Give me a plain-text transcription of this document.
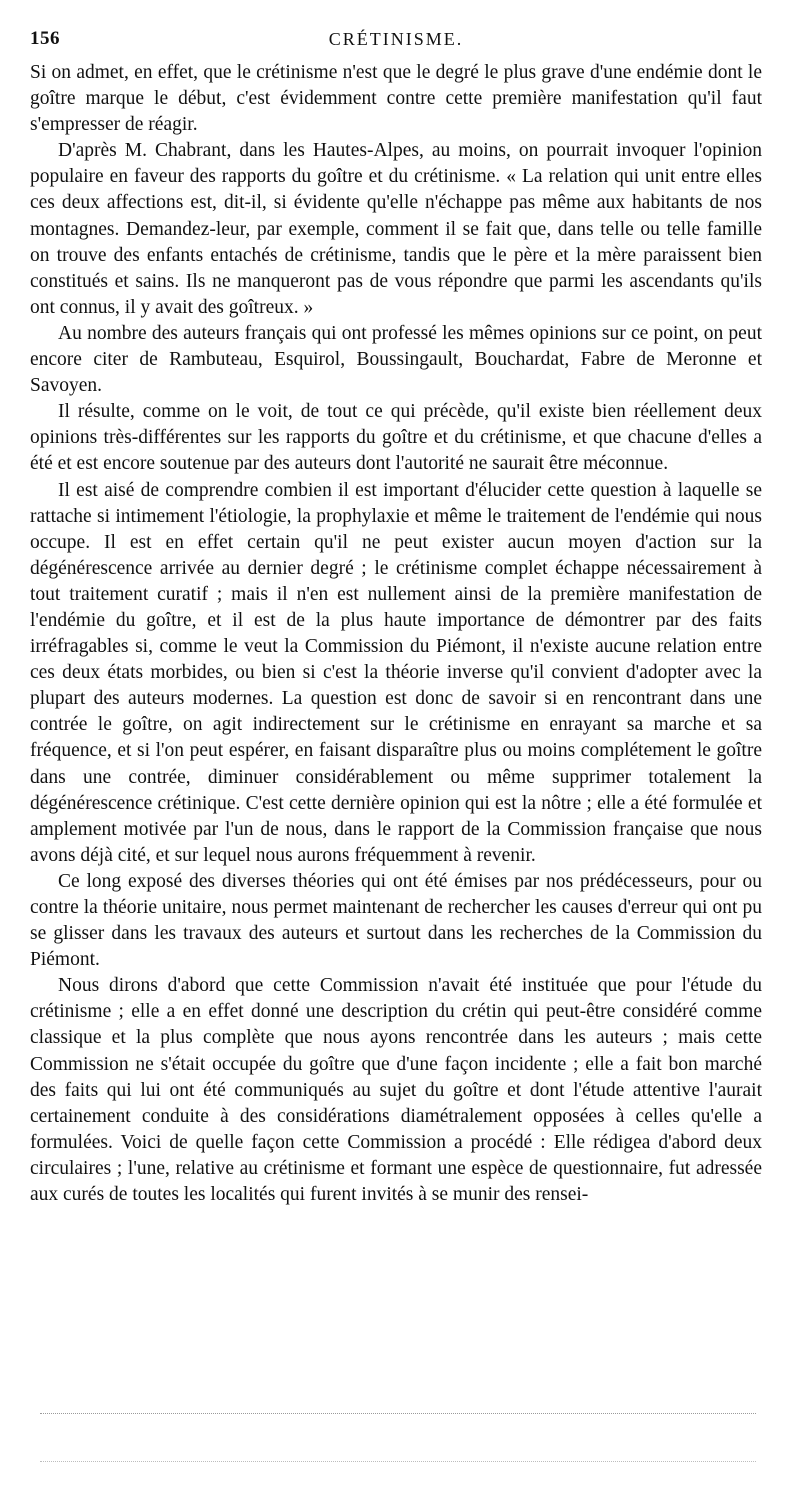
156	CRÉTINISME.

Si on admet, en effet, que le crétinisme n'est que le degré le plus grave d'une endémie dont le goître marque le début, c'est évidemment contre cette première manifestation qu'il faut s'empresser de réagir.

D'après M. Chabrant, dans les Hautes-Alpes, au moins, on pourrait invoquer l'opinion populaire en faveur des rapports du goître et du crétinisme. « La relation qui unit entre elles ces deux affections est, dit-il, si évidente qu'elle n'échappe pas même aux habitants de nos montagnes. Demandez-leur, par exemple, comment il se fait que, dans telle ou telle famille on trouve des enfants entachés de crétinisme, tandis que le père et la mère paraissent bien constitués et sains. Ils ne manqueront pas de vous répondre que parmi les ascendants qu'ils ont connus, il y avait des goîtreux. »

Au nombre des auteurs français qui ont professé les mêmes opinions sur ce point, on peut encore citer de Rambuteau, Esquirol, Boussingault, Bouchardat, Fabre de Meronne et Savoyen.

Il résulte, comme on le voit, de tout ce qui précède, qu'il existe bien réellement deux opinions très-différentes sur les rapports du goître et du crétinisme, et que chacune d'elles a été et est encore soutenue par des auteurs dont l'autorité ne saurait être méconnue.

Il est aisé de comprendre combien il est important d'élucider cette question à laquelle se rattache si intimement l'étiologie, la prophylaxie et même le traitement de l'endémie qui nous occupe. Il est en effet certain qu'il ne peut exister aucun moyen d'action sur la dégénérescence arrivée au dernier degré ; le crétinisme complet échappe nécessairement à tout traitement curatif ; mais il n'en est nullement ainsi de la première manifestation de l'endémie du goître, et il est de la plus haute importance de démontrer par des faits irréfragables si, comme le veut la Commission du Piémont, il n'existe aucune relation entre ces deux états morbides, ou bien si c'est la théorie inverse qu'il convient d'adopter avec la plupart des auteurs modernes. La question est donc de savoir si en rencontrant dans une contrée le goître, on agit indirectement sur le crétinisme en enrayant sa marche et sa fréquence, et si l'on peut espérer, en faisant disparaître plus ou moins complétement le goître dans une contrée, diminuer considérablement ou même supprimer totalement la dégénérescence crétinique. C'est cette dernière opinion qui est la nôtre ; elle a été formulée et amplement motivée par l'un de nous, dans le rapport de la Commission française que nous avons déjà cité, et sur lequel nous aurons fréquemment à revenir.

Ce long exposé des diverses théories qui ont été émises par nos prédécesseurs, pour ou contre la théorie unitaire, nous permet maintenant de rechercher les causes d'erreur qui ont pu se glisser dans les travaux des auteurs et surtout dans les recherches de la Commission du Piémont.

Nous dirons d'abord que cette Commission n'avait été instituée que pour l'étude du crétinisme ; elle a en effet donné une description du crétin qui peut-être considéré comme classique et la plus complète que nous ayons rencontrée dans les auteurs ; mais cette Commission ne s'était occupée du goître que d'une façon incidente ; elle a fait bon marché des faits qui lui ont été communiqués au sujet du goître et dont l'étude attentive l'aurait certainement conduite à des considérations diamétralement opposées à celles qu'elle a formulées. Voici de quelle façon cette Commission a procédé : Elle rédigea d'abord deux circulaires ; l'une, relative au crétinisme et formant une espèce de questionnaire, fut adressée aux curés de toutes les localités qui furent invités à se munir des rensei-
